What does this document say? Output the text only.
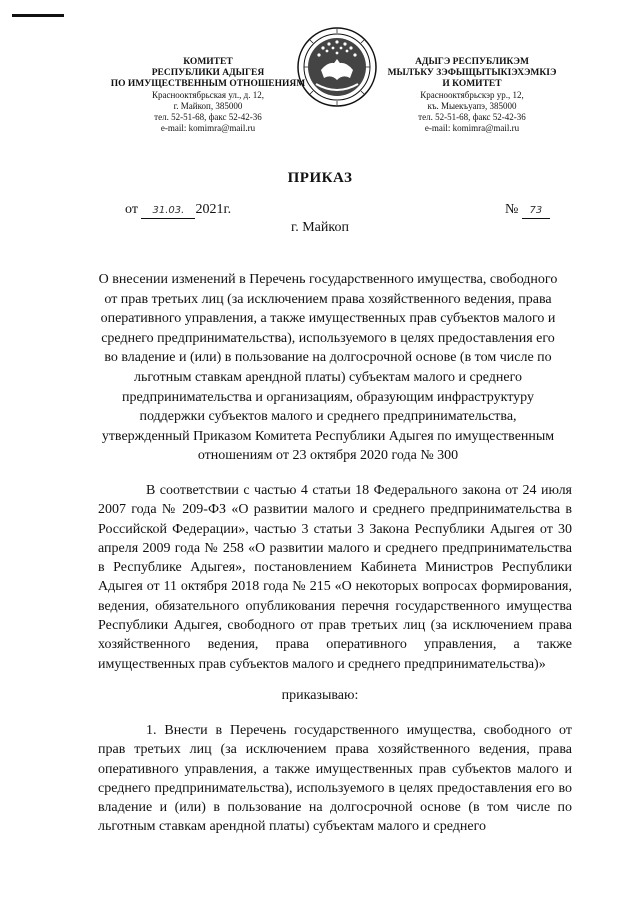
КОМИТЕТ
РЕСПУБЛИКИ АДЫГЕЯ
ПО ИМУЩЕСТВЕННЫМ ОТНОШЕНИЯМ
Краснооктябрьская ул., д. 12,
г. Майкоп, 385000
тел. 52-51-68, факс 52-42-36
e-mail: komimra@mail.ru
АДЫГЭ РЕСПУБЛИКЭМ
МЫЛЪКУ ЗЭФЫЩЫТЫКIЭХЭМКIЭ
И КОМИТЕТ
Краснооктябрьскэр ур., 12,
къ. Мыекъуапэ, 385000
тел. 52-51-68, факс 52-42-36
e-mail: komimra@mail.ru
ПРИКАЗ
от 31.03. 2021г.	№ 73
г. Майкоп
О внесении изменений в Перечень государственного имущества, свободного от прав третьих лиц (за исключением права хозяйственного ведения, права оперативного управления, а также имущественных прав субъектов малого и среднего предпринимательства), используемого в целях предоставления его во владение и (или) в пользование на долгосрочной основе (в том числе по льготным ставкам арендной платы) субъектам малого и среднего предпринимательства и организациям, образующим инфраструктуру поддержки субъектов малого и среднего предпринимательства, утвержденный Приказом Комитета Республики Адыгея по имущественным отношениям от 23 октября 2020 года № 300
В соответствии с частью 4 статьи 18 Федерального закона от 24 июля 2007 года № 209-ФЗ «О развитии малого и среднего предпринимательства в Российской Федерации», частью 3 статьи 3 Закона Республики Адыгея от 30 апреля 2009 года № 258 «О развитии малого и среднего предпринимательства в Республике Адыгея», постановлением Кабинета Министров Республики Адыгея от 11 октября 2018 года № 215 «О некоторых вопросах формирования, ведения, обязательного опубликования перечня государственного имущества Республики Адыгея, свободного от прав третьих лиц (за исключением права хозяйственного ведения, права оперативного управления, а также имущественных прав субъектов малого и среднего предпринимательства)»
приказываю:
1. Внести в Перечень государственного имущества, свободного от прав третьих лиц (за исключением права хозяйственного ведения, права оперативного управления, а также имущественных прав субъектов малого и среднего предпринимательства), используемого в целях предоставления его во владение и (или) в пользование на долгосрочной основе (в том числе по льготным ставкам арендной платы) субъектам малого и среднего
